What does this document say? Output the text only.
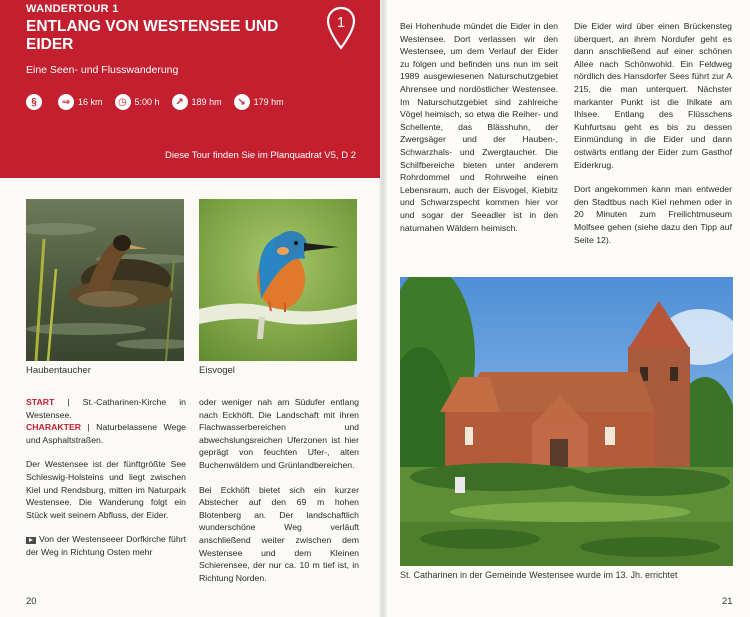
WANDERTOUR 1
ENTLANG VON WESTENSEE UND EIDER
Eine Seen- und Flusswanderung
1
§	⇒ 16 km	◷ 5:00 h	↗ 189 hm	↘ 179 hm
Diese Tour finden Sie im Planquadrat V5, D 2
Haubentaucher	Eisvogel

START | St.-Catharinen-Kirche in Westensee.

CHARAKTER | Naturbelassene Wege und Asphaltstraßen.

Der Westensee ist der fünftgrößte See Schleswig-Holsteins und liegt zwischen Kiel und Rendsburg, mitten im Naturpark Westensee. Die Wanderung folgt ein Stück weit seinem Abfluss, der Eider.

Von der Westenseeer Dorfkirche führt der Weg in Richtung Osten mehr

oder weniger nah am Südufer entlang nach Eckhöft. Die Landschaft mit ihren Flachwasserbereichen und abwechslungsreichen Uferzonen ist hier geprägt von feuchten Ufer-, alten Buchenwäldern und Grünlandbereichen.

Bei Eckhöft bietet sich ein kurzer Abstecher auf den 69 m hohen Blotenberg an. Der landschaftlich wunderschöne Weg verläuft anschließend weiter zwischen dem Westensee und dem Kleinen Schierensee, der nur ca. 10 m tief ist, in Richtung Norden.

Bei Hohenhude mündet die Eider in den Westensee. Dort verlassen wir den Westensee, um dem Verlauf der Eider zu folgen und befinden uns nun im seit 1989 ausgewiesenen Naturschutzgebiet Ahrensee und nordöstlicher Westensee. Im Naturschutzgebiet sind zahlreiche Vögel heimisch, so etwa die Reiher- und Schellente, das Blässhuhn, der Zwergsäger und der Hauben-, Schwarzhals- und Zwergtaucher. Die Schilfbereiche bieten unter anderem Rohrdommel und Rohrweihe einen Lebensraum, auch der Eisvogel, Kiebitz und Schwarzspecht kommen hier vor und sogar der Seeadler ist in den naturnahen Wäldern heimisch.

Die Eider wird über einen Brückensteg überquert, an ihrem Nordufer geht es dann anschließend auf einer schönen Allee nach Schönwohld. Ein Feldweg nördlich des Hansdorfer Sees führt zur A 215, die man unterquert. Nächster markanter Punkt ist die Ihlkate am Ihlsee. Entlang des Flüsschens Kuhfurtsau geht es bis zu dessen Einmündung in die Eider und dann ostwärts entlang der Eider zum Gasthof Eiderkrug.

Dort angekommen kann man entweder den Stadtbus nach Kiel nehmen oder in 20 Minuten zum Freilichtmuseum Molfsee gehen (siehe dazu den Tipp auf Seite 12).

St. Catharinen in der Gemeinde Westensee wurde im 13. Jh. errichtet
20	21
